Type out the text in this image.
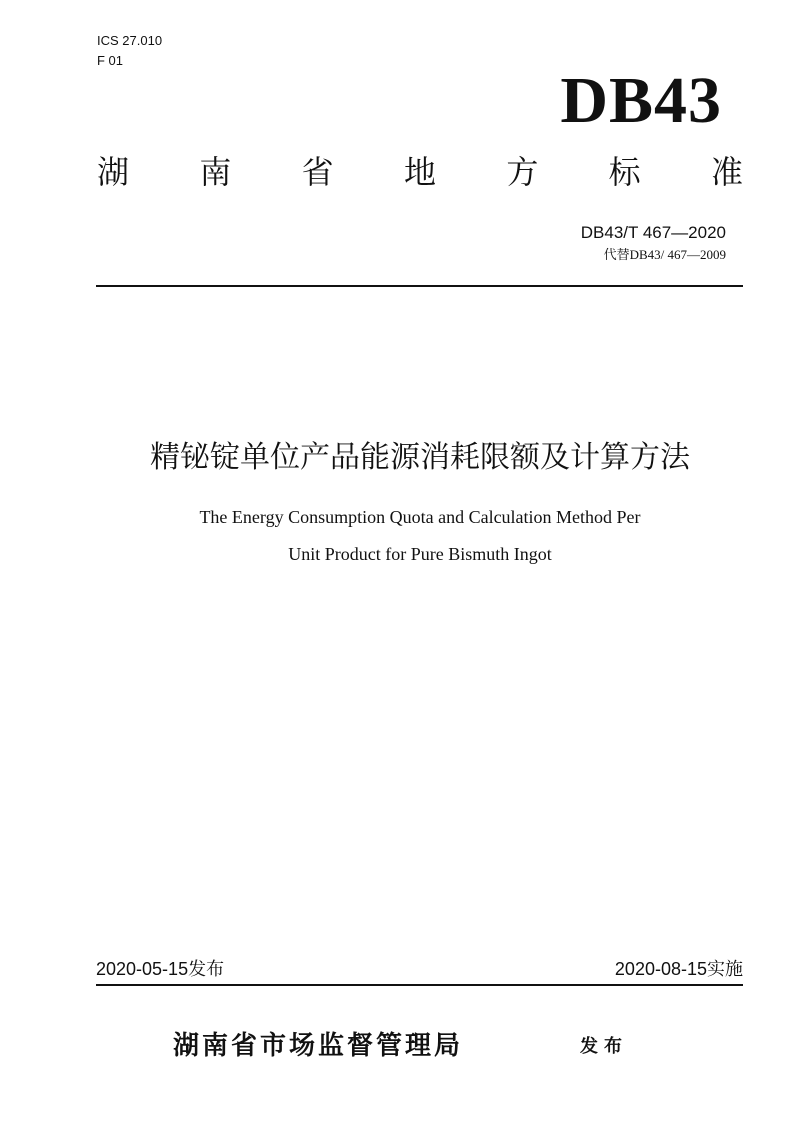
ICS 27.010
F 01
DB43
湖 南 省 地 方 标 准
DB43/T 467—2020
代替DB43/ 467—2009
精铋锭单位产品能源消耗限额及计算方法
The Energy Consumption Quota and Calculation Method Per
Unit Product for Pure Bismuth Ingot
2020-05-15发布	2020-08-15实施
湖南省市场监督管理局	发布
